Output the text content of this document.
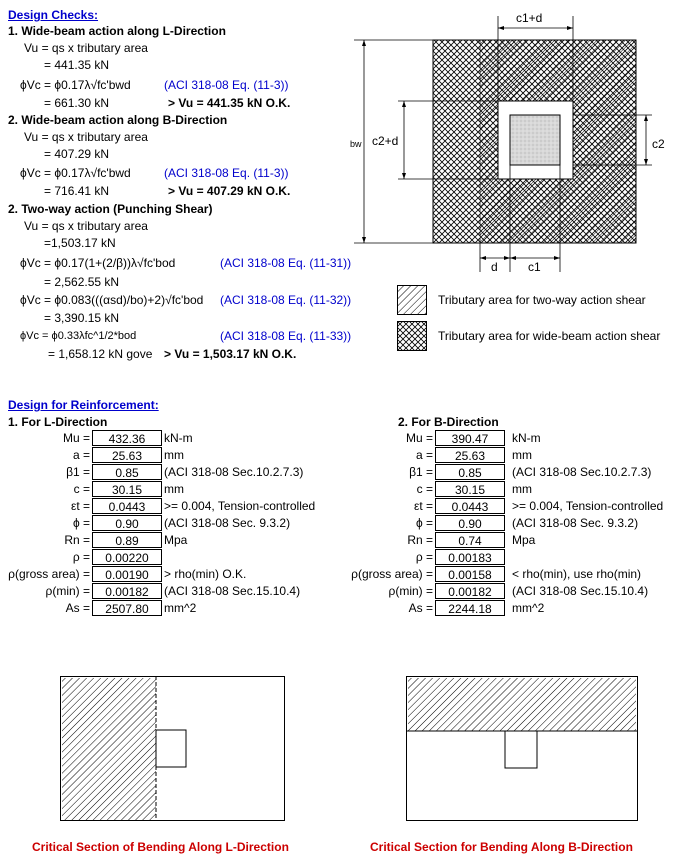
Design Checks:
1. Wide-beam action along L-Direction
Vu = qs x tributary area
= 441.35 kN
ϕVc = ϕ0.17λ√fc'bwd	(ACI 318-08 Eq. (11-3))
= 661.30 kN	> Vu = 441.35 kN O.K.
2. Wide-beam action along B-Direction
Vu = qs x tributary area
= 407.29 kN
ϕVc = ϕ0.17λ√fc'bwd	(ACI 318-08 Eq. (11-3))
= 716.41 kN	> Vu = 407.29 kN O.K.
2. Two-way action (Punching Shear)
Vu = qs x tributary area
=1,503.17 kN
ϕVc = ϕ0.17(1+(2/β))λ√fc'bod	(ACI 318-08 Eq. (11-31))
= 2,562.55 kN
ϕVc = ϕ0.083(((αsd)/bo)+2)√fc'bod (ACI 318-08 Eq. (11-32))
= 3,390.15 kN
ϕVc = ϕ0.33λfc^1/2*bod	(ACI 318-08 Eq. (11-33))
= 1,658.12 kN gove > Vu = 1,503.17 kN O.K.
c1+d
c2+d	c2
bw
d	c1
Tributary area for two-way action shear
Tributary area for wide-beam action shear
Design for Reinforcement:
1. For L-Direction	2. For B-Direction
Mu =	432.36	kN-m
a =	25.63	mm
β1 =	0.85	(ACI 318-08 Sec.10.2.7.3)
c =	30.15	mm
εt =	0.0443	>= 0.004, Tension-controlled
ϕ =	0.90	(ACI 318-08 Sec. 9.3.2)
Rn =	0.89	Mpa
ρ =	0.00220
ρ(gross area) =	0.00190	> rho(min) O.K.
ρ(min) =	0.00182	(ACI 318-08 Sec.15.10.4)
As =	2507.80	mm^2
Mu =	390.47	kN-m
a =	25.63	mm
β1 =	0.85	(ACI 318-08 Sec.10.2.7.3)
c =	30.15	mm
εt =	0.0443	>= 0.004, Tension-controlled
ϕ =	0.90	(ACI 318-08 Sec. 9.3.2)
Rn =	0.74	Mpa
ρ =	0.00183
ρ(gross area) =	0.00158	< rho(min), use rho(min)
ρ(min) =	0.00182	(ACI 318-08 Sec.15.10.4)
As =	2244.18	mm^2
Critical Section of Bending Along L-Direction	Critical Section for Bending Along B-Direction
